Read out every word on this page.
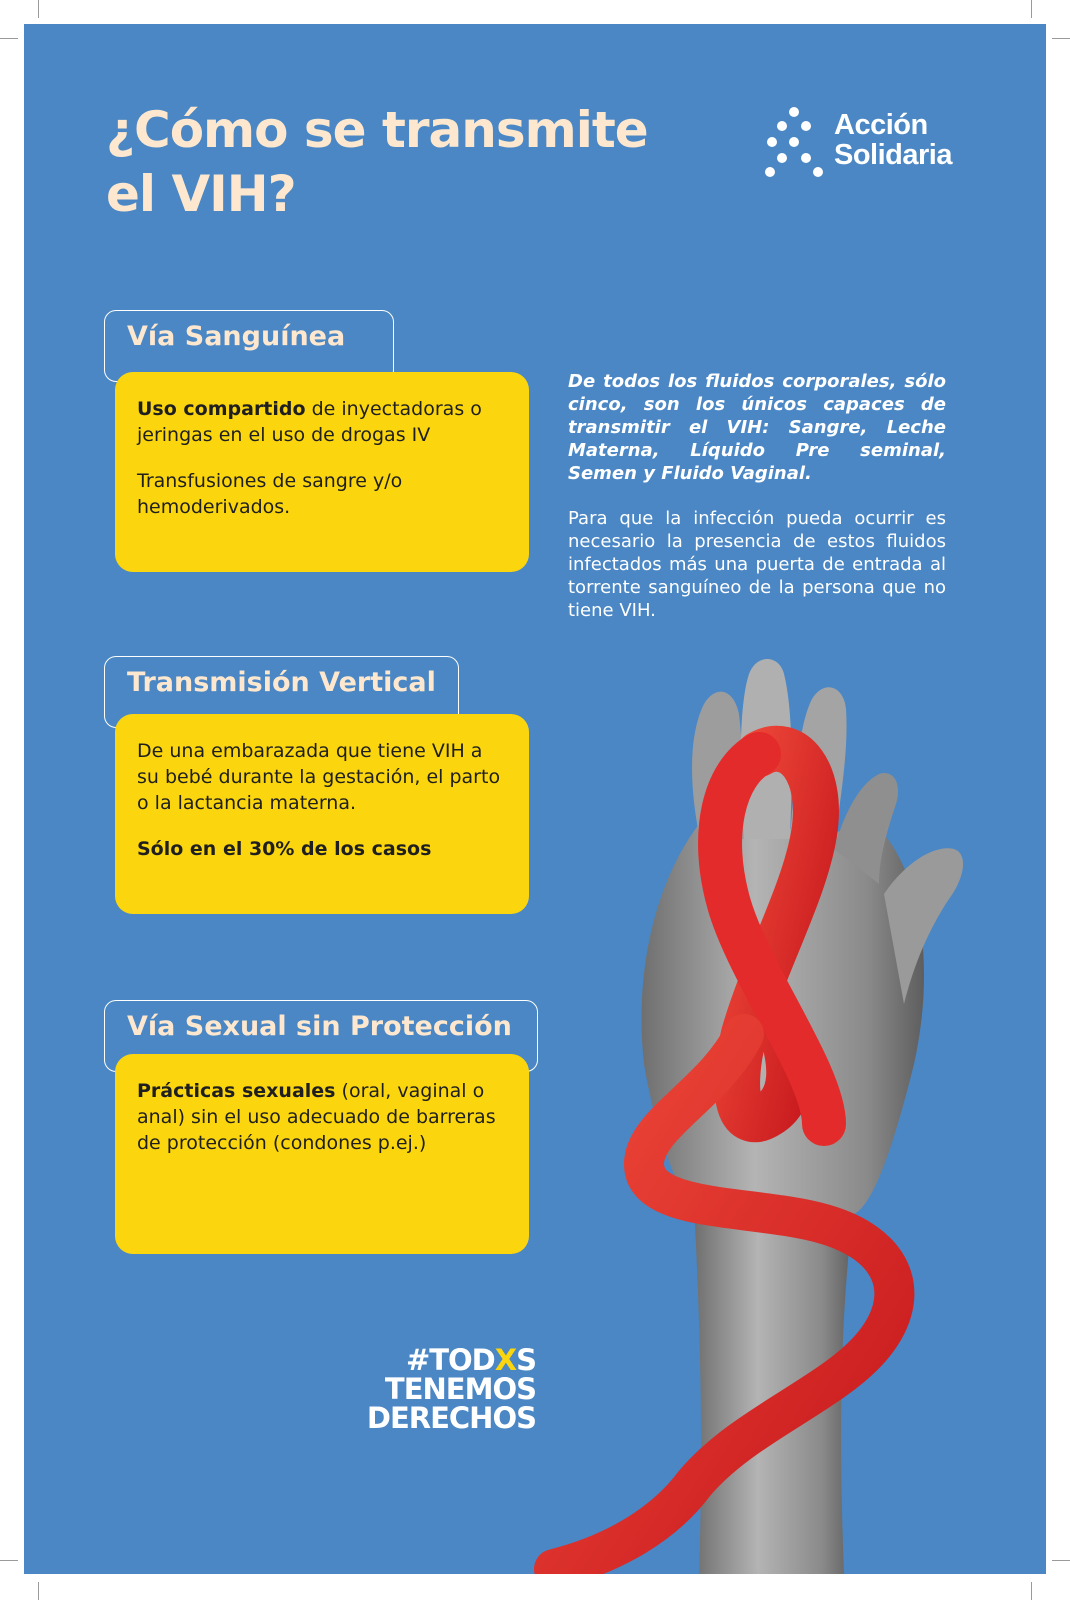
¿Cómo se transmite
el VIH?
Acción
Solidaria
Vía Sanguínea

Uso compartido de inyectadoras o jeringas en el uso de drogas IV

Transfusiones de sangre y/o hemoderivados.

Transmisión Vertical

De una embarazada que tiene VIH a su bebé durante la gestación, el parto o la lactancia materna.

Sólo en el 30% de los casos

Vía Sexual sin Protección

Prácticas sexuales (oral, vaginal o anal) sin el uso adecuado de barreras de protección (condones p.ej.)

De todos los fluidos corporales, sólo cinco, son los únicos capaces de transmitir el VIH: Sangre, Leche Materna, Líquido Pre seminal, Semen y Fluido Vaginal.

Para que la infección pueda ocurrir es necesario la presencia de estos fluidos infectados más una puerta de entrada al torrente sanguíneo de la persona que no tiene VIH.

#TODXS
TENEMOS
DERECHOS
